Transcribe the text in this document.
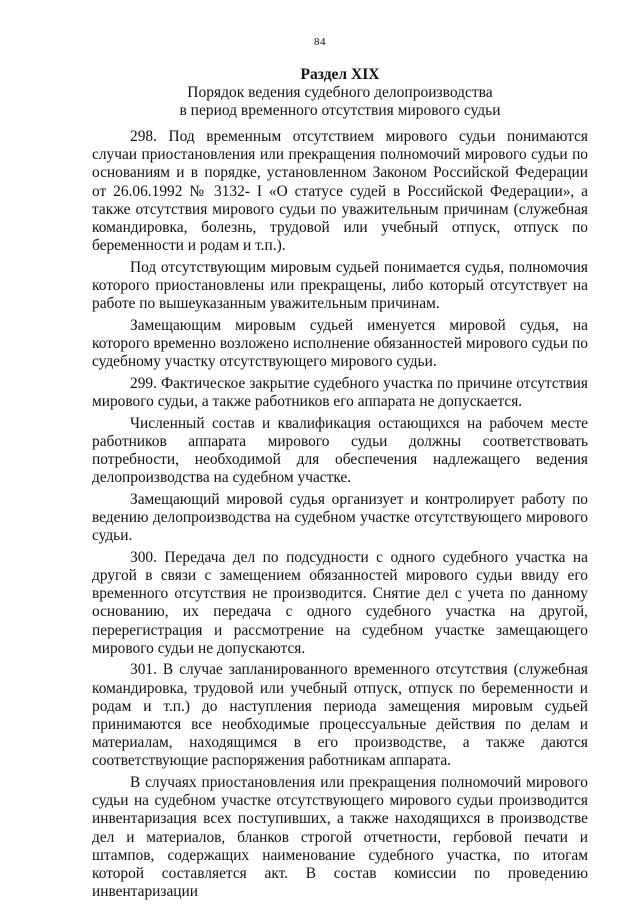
84
Раздел XIX
Порядок ведения судебного делопроизводства
в период временного отсутствия мирового судьи

298. Под временным отсутствием мирового судьи понимаются случаи приостановления или прекращения полномочий мирового судьи по основаниям и в порядке, установленном Законом Российской Федерации от 26.06.1992 № 3132- I «О статусе судей в Российской Федерации», а также отсутствия мирового судьи по уважительным причинам (служебная командировка, болезнь, трудовой или учебный отпуск, отпуск по беременности и родам и т.п.).

Под отсутствующим мировым судьей понимается судья, полномочия которого приостановлены или прекращены, либо который отсутствует на работе по вышеуказанным уважительным причинам.

Замещающим мировым судьей именуется мировой судья, на которого временно возложено исполнение обязанностей мирового судьи по судебному участку отсутствующего мирового судьи.

299. Фактическое закрытие судебного участка по причине отсутствия мирового судьи, а также работников его аппарата не допускается.

Численный состав и квалификация остающихся на рабочем месте работников аппарата мирового судьи должны соответствовать потребности, необходимой для обеспечения надлежащего ведения делопроизводства на судебном участке.

Замещающий мировой судья организует и контролирует работу по ведению делопроизводства на судебном участке отсутствующего мирового судьи.

300. Передача дел по подсудности с одного судебного участка на другой в связи с замещением обязанностей мирового судьи ввиду его временного отсутствия не производится. Снятие дел с учета по данному основанию, их передача с одного судебного участка на другой, перерегистрация и рассмотрение на судебном участке замещающего мирового судьи не допускаются.

301. В случае запланированного временного отсутствия (служебная командировка, трудовой или учебный отпуск, отпуск по беременности и родам и т.п.) до наступления периода замещения мировым судьей принимаются все необходимые процессуальные действия по делам и материалам, находящимся в его производстве, а также даются соответствующие распоряжения работникам аппарата.

В случаях приостановления или прекращения полномочий мирового судьи на судебном участке отсутствующего мирового судьи производится инвентаризация всех поступивших, а также находящихся в производстве дел и материалов, бланков строгой отчетности, гербовой печати и штампов, содержащих наименование судебного участка, по итогам которой составляется акт. В состав комиссии по проведению инвентаризации
